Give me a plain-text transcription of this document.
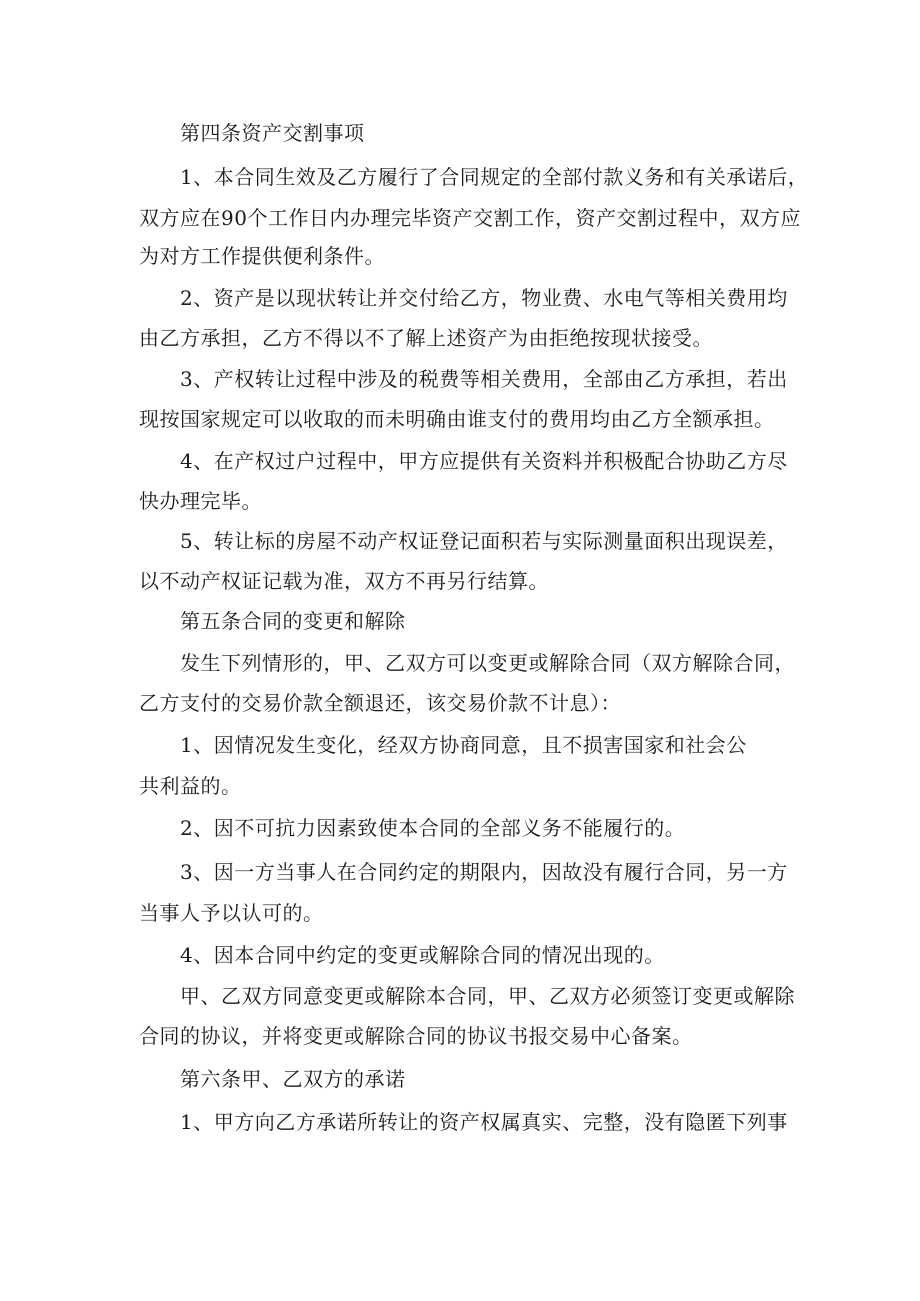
第四条资产交割事项
1、本合同生效及乙方履行了合同规定的全部付款义务和有关承诺后，
双方应在90个工作日内办理完毕资产交割工作，资产交割过程中，双方应
为对方工作提供便利条件。
2、资产是以现状转让并交付给乙方，物业费、水电气等相关费用均
由乙方承担，乙方不得以不了解上述资产为由拒绝按现状接受。
3、产权转让过程中涉及的税费等相关费用，全部由乙方承担，若出
现按国家规定可以收取的而未明确由谁支付的费用均由乙方全额承担。
4、在产权过户过程中，甲方应提供有关资料并积极配合协助乙方尽
快办理完毕。
5、转让标的房屋不动产权证登记面积若与实际测量面积出现误差，
以不动产权证记载为准，双方不再另行结算。
第五条合同的变更和解除
发生下列情形的，甲、乙双方可以变更或解除合同（双方解除合同，
乙方支付的交易价款全额退还，该交易价款不计息）：
1、因情况发生变化，经双方协商同意，且不损害国家和社会公
共利益的。
2、因不可抗力因素致使本合同的全部义务不能履行的。
3、因一方当事人在合同约定的期限内，因故没有履行合同，另一方
当事人予以认可的。
4、因本合同中约定的变更或解除合同的情况出现的。
甲、乙双方同意变更或解除本合同，甲、乙双方必须签订变更或解除
合同的协议，并将变更或解除合同的协议书报交易中心备案。
第六条甲、乙双方的承诺
1、甲方向乙方承诺所转让的资产权属真实、完整，没有隐匿下列事
